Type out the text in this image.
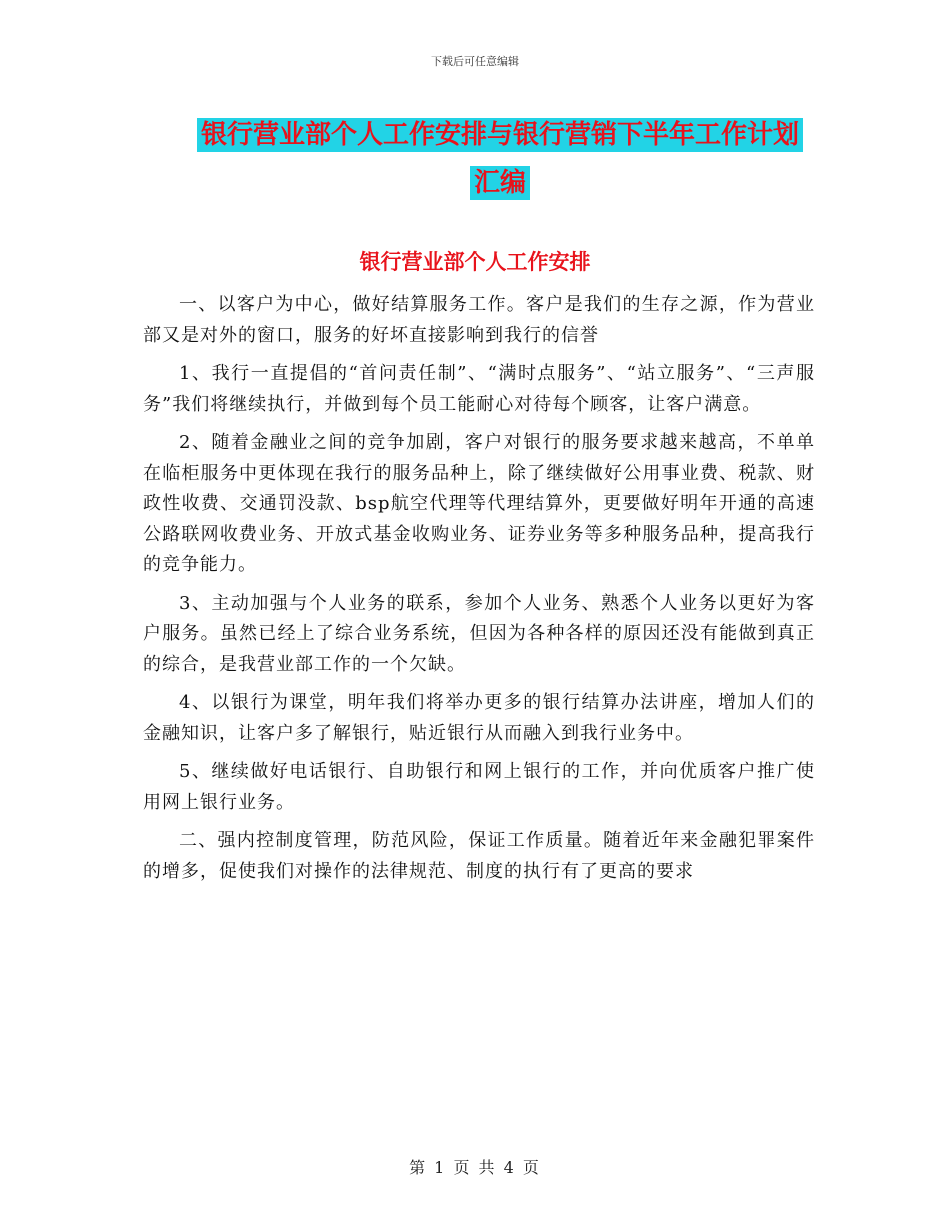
下载后可任意编辑
银行营业部个人工作安排与银行营销下半年工作计划汇编
银行营业部个人工作安排

一、以客户为中心，做好结算服务工作。客户是我们的生存之源，作为营业部又是对外的窗口，服务的好坏直接影响到我行的信誉

1、我行一直提倡的“首问责任制”、“满时点服务”、“站立服务”、“三声服务”我们将继续执行，并做到每个员工能耐心对待每个顾客，让客户满意。

2、随着金融业之间的竞争加剧，客户对银行的服务要求越来越高，不单单在临柜服务中更体现在我行的服务品种上，除了继续做好公用事业费、税款、财政性收费、交通罚没款、bsp航空代理等代理结算外，更要做好明年开通的高速公路联网收费业务、开放式基金收购业务、证券业务等多种服务品种，提高我行的竞争能力。

3、主动加强与个人业务的联系，参加个人业务、熟悉个人业务以更好为客户服务。虽然已经上了综合业务系统，但因为各种各样的原因还没有能做到真正的综合，是我营业部工作的一个欠缺。

4、以银行为课堂，明年我们将举办更多的银行结算办法讲座，增加人们的金融知识，让客户多了解银行，贴近银行从而融入到我行业务中。

5、继续做好电话银行、自助银行和网上银行的工作，并向优质客户推广使用网上银行业务。

二、强内控制度管理，防范风险，保证工作质量。随着近年来金融犯罪案件的增多，促使我们对操作的法律规范、制度的执行有了更高的要求

第 1 页 共 4 页
